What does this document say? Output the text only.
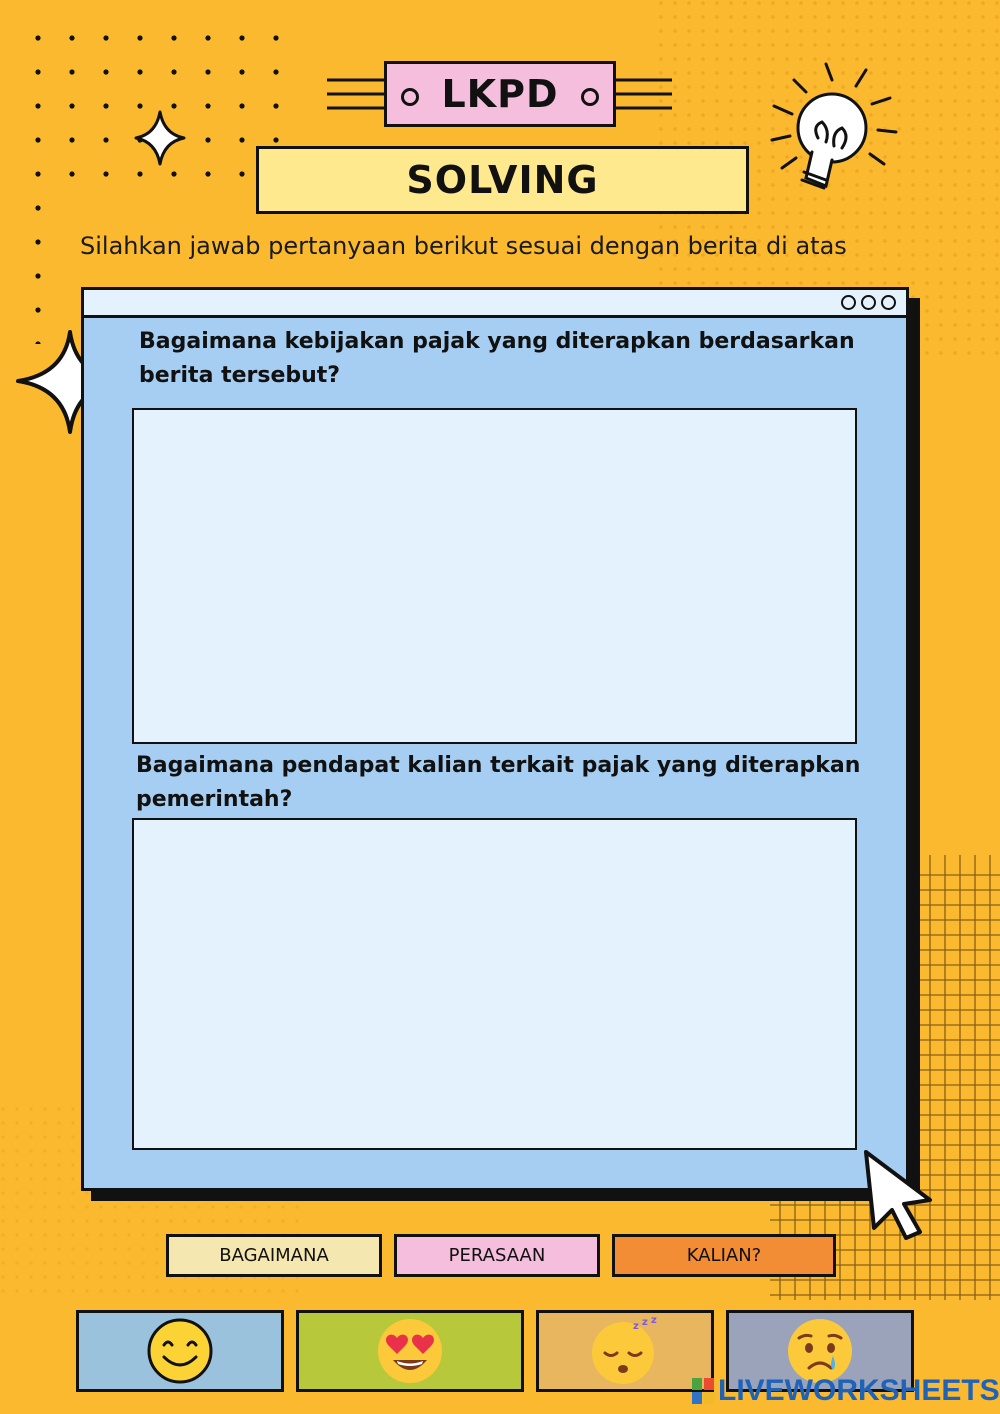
LKPD
SOLVING
Silahkan jawab pertanyaan berikut sesuai dengan berita di atas
Bagaimana kebijakan pajak yang diterapkan berdasarkan
berita tersebut?
Bagaimana pendapat kalian terkait pajak yang diterapkan
pemerintah?
BAGAIMANA	PERASAAN	KALIAN?
z z z
LIVEWORKSHEETS
